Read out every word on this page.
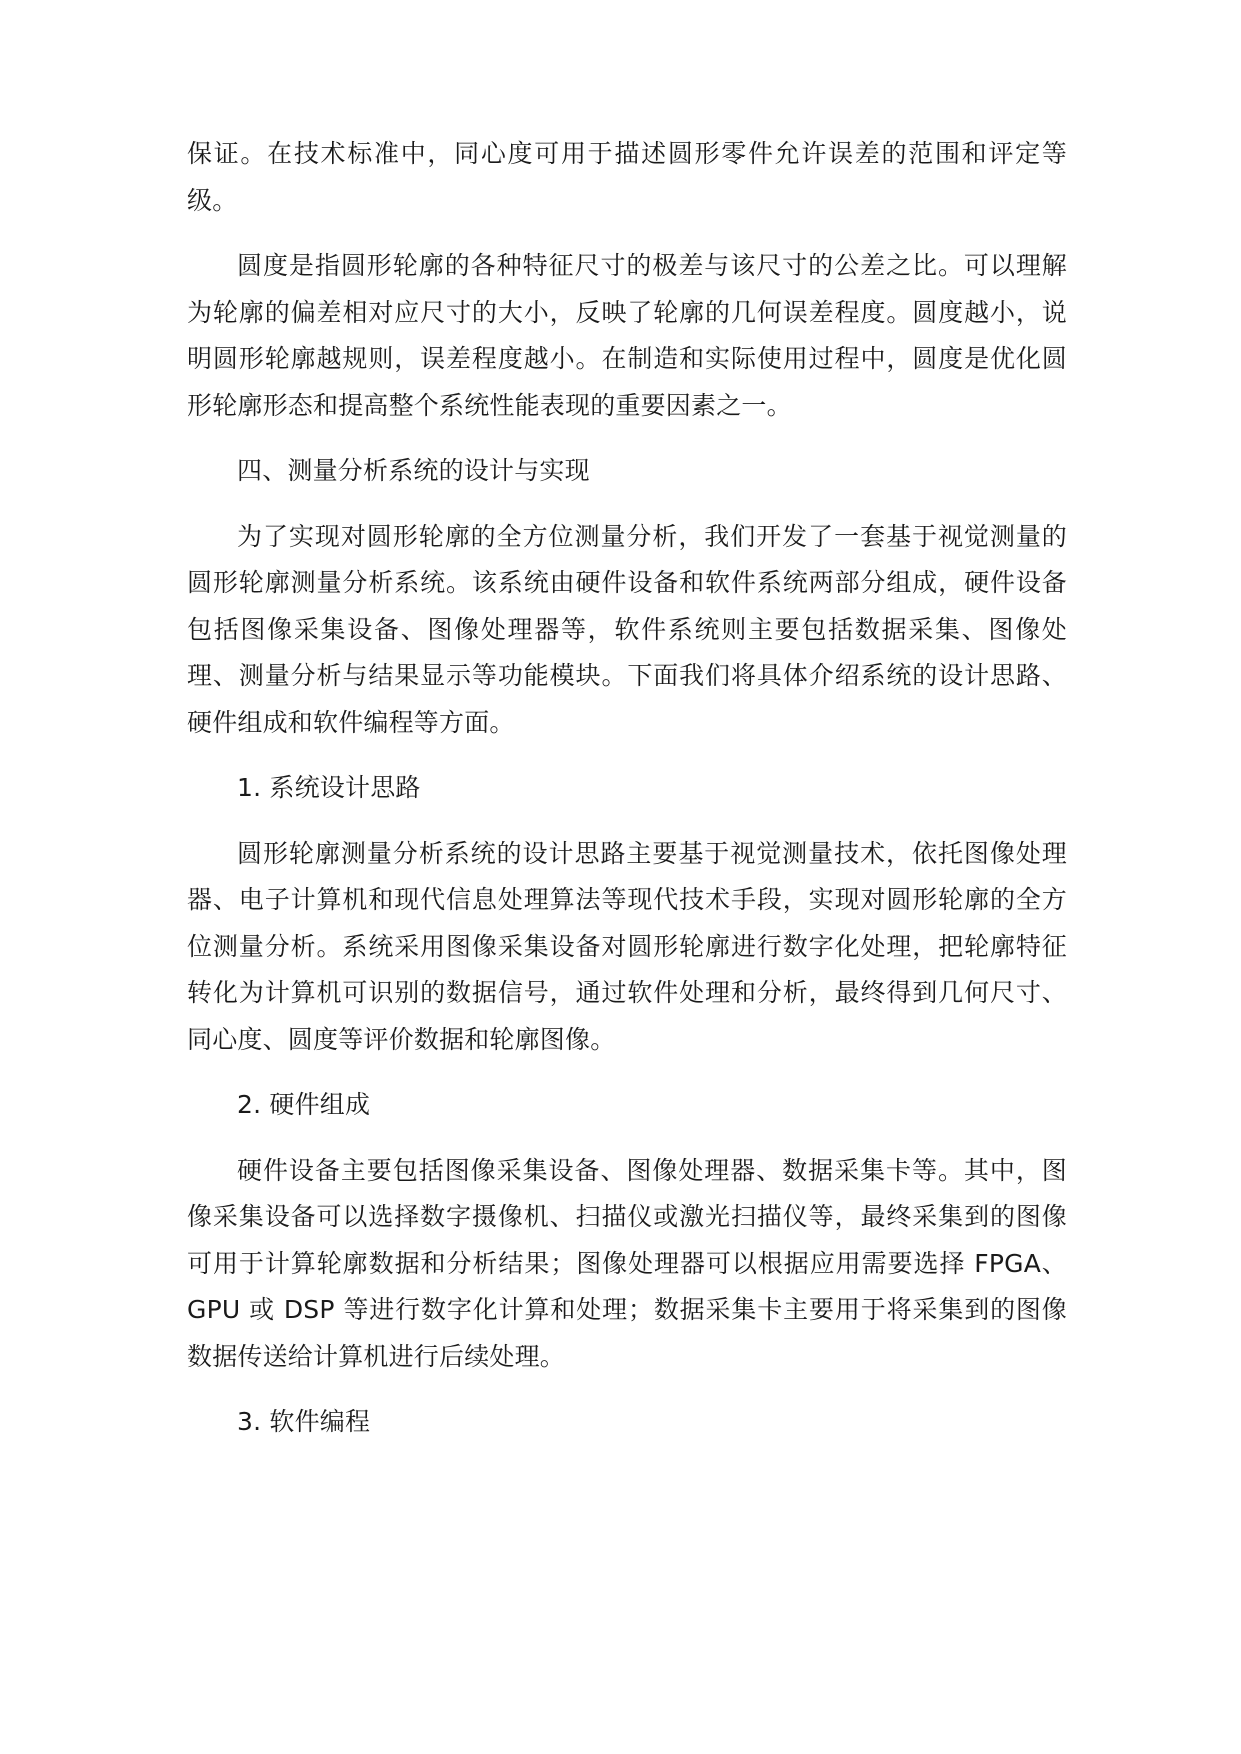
保证。在技术标准中，同心度可用于描述圆形零件允许误差的范围和评定等级。

圆度是指圆形轮廓的各种特征尺寸的极差与该尺寸的公差之比。可以理解为轮廓的偏差相对应尺寸的大小，反映了轮廓的几何误差程度。圆度越小，说明圆形轮廓越规则，误差程度越小。在制造和实际使用过程中，圆度是优化圆形轮廓形态和提高整个系统性能表现的重要因素之一。

四、测量分析系统的设计与实现

为了实现对圆形轮廓的全方位测量分析，我们开发了一套基于视觉测量的圆形轮廓测量分析系统。该系统由硬件设备和软件系统两部分组成，硬件设备包括图像采集设备、图像处理器等，软件系统则主要包括数据采集、图像处理、测量分析与结果显示等功能模块。下面我们将具体介绍系统的设计思路、硬件组成和软件编程等方面。

1. 系统设计思路

圆形轮廓测量分析系统的设计思路主要基于视觉测量技术，依托图像处理器、电子计算机和现代信息处理算法等现代技术手段，实现对圆形轮廓的全方位测量分析。系统采用图像采集设备对圆形轮廓进行数字化处理，把轮廓特征转化为计算机可识别的数据信号，通过软件处理和分析，最终得到几何尺寸、同心度、圆度等评价数据和轮廓图像。

2. 硬件组成

硬件设备主要包括图像采集设备、图像处理器、数据采集卡等。其中，图像采集设备可以选择数字摄像机、扫描仪或激光扫描仪等，最终采集到的图像可用于计算轮廓数据和分析结果；图像处理器可以根据应用需要选择 FPGA、GPU 或 DSP 等进行数字化计算和处理；数据采集卡主要用于将采集到的图像数据传送给计算机进行后续处理。

3. 软件编程
